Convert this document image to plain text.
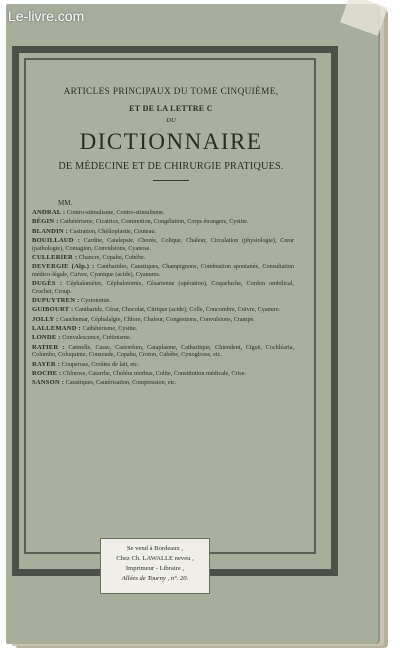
Le-livre.com
ARTICLES PRINCIPAUX DU TOME CINQUIÈME,
ET DE LA LETTRE C
DU
DICTIONNAIRE
DE MÉDECINE ET DE CHIRURGIE PRATIQUES.
MM.
ANDRAL : Contro-stimulisme, Contro-stimulisme.
BÉGIN : Cathétérisme, Cicatrice, Commotion, Congélation, Corps étrangers, Cystite.
BLANDIN : Castration, Chéiloplastie, Couteau.
BOUILLAUD : Cardite, Catalepsie, Chorée, Colique, Chaleur, Circulation (physiologie), Cœur (pathologie), Contagion, Convulsions, Cyanose.
CULLERIER : Chancre, Copahu, Cubèbe.
DEVERGIE (Alp.) : Cantharides, Caustiques, Champignons, Combustion spontanée, Consultation médico-légale, Cuivre, Cyanique (acide), Cyanures.
DUGÈS : Céphalomètre, Céphalotomie, Césarienne (opération), Coqueluche, Cordon ombilical, Crochet, Croup.
DUPUYTREN : Cystotomie.
GUIBOURT : Cantharide, Cérat, Chocolat, Citrique (acide), Colle, Concombre, Cuivre, Cyanure.
JOLLY : Cauchemar, Céphalalgie, Chlore, Chaleur, Congestions, Convulsions, Crampe.
LALLEMAND : Cathétérisme, Cystite.
LONDE : Convalescence, Crétinisme.
RATIER : Cannelle, Casse, Castoréum, Cataplasme, Cathartique, Chiendent, Ciguë, Cochléaria, Colombo, Coloquinte, Consoude, Copahu, Croton, Cubèbe, Cynoglosse, etc.
RAYER : Couperose, Croûtes de lait, etc.
ROCHE : Chlorose, Catarrhe, Choléra morbus, Colite, Constitution médicale, Crise.
SANSON : Caustiques, Cautérisation, Compression, etc.
Se vend à Bordeaux ,
Chez Ch. LAWALLE neveu ,
Imprimeur - Libraire ,
Allées de Tourny , n°. 20.
